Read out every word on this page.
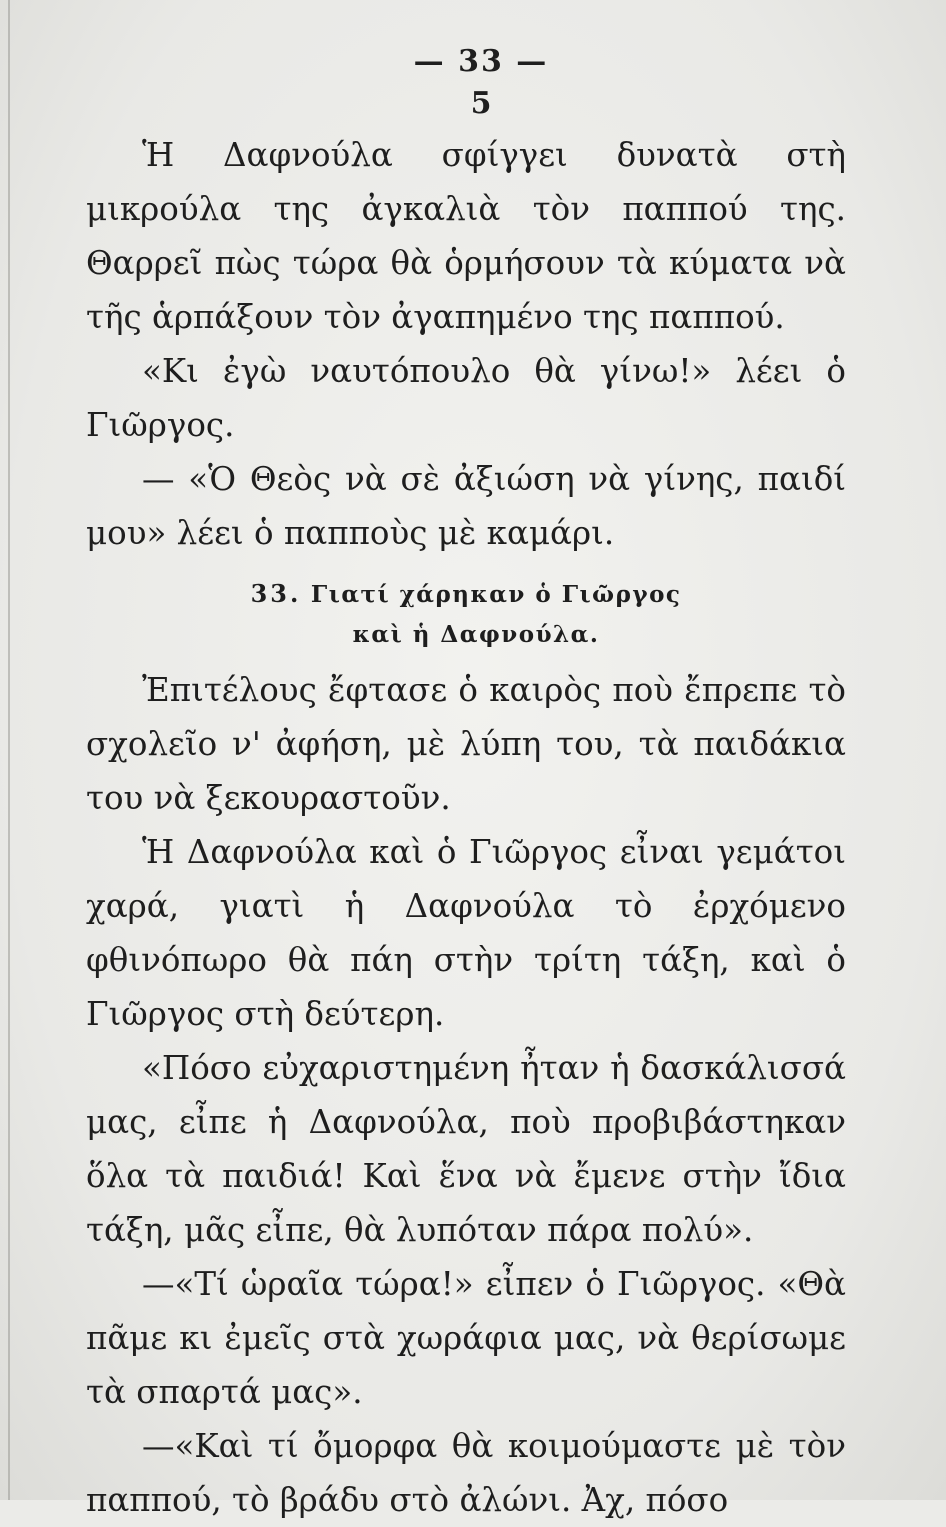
— 33 —
5

Ἡ Δαφνούλα σφίγγει δυνατὰ στὴ μικρούλα της ἀγκαλιὰ τὸν παππού της. Θαρρεῖ πὼς τώρα θὰ ὁρμήσουν τὰ κύματα νὰ τῆς ἁρπάξουν τὸν ἀγαπημένο της παππού.

«Κι ἐγὼ ναυτόπουλο θὰ γίνω!» λέει ὁ Γιῶργος.

— «Ὁ Θεὸς νὰ σὲ ἀξιώση νὰ γίνης, παιδί μου» λέει ὁ παπποὺς μὲ καμάρι.

33. Γιατί χάρηκαν ὁ Γιῶργος
καὶ ἡ Δαφνούλα.

Ἐπιτέλους ἔφτασε ὁ καιρὸς ποὺ ἔπρεπε τὸ σχολεῖο ν' ἀφήση, μὲ λύπη του, τὰ παιδάκια του νὰ ξεκουραστοῦν.

Ἡ Δαφνούλα καὶ ὁ Γιῶργος εἶναι γεμάτοι χαρά, γιατὶ ἡ Δαφνούλα τὸ ἐρχόμενο φθινόπωρο θὰ πάη στὴν τρίτη τάξη, καὶ ὁ Γιῶργος στὴ δεύτερη.

«Πόσο εὐχαριστημένη ἦταν ἡ δασκάλισσά μας, εἶπε ἡ Δαφνούλα, ποὺ προβιβάστηκαν ὅλα τὰ παιδιά! Καὶ ἕνα νὰ ἔμενε στὴν ἴδια τάξη, μᾶς εἶπε, θὰ λυπόταν πάρα πολύ».

—«Τί ὡραῖα τώρα!» εἶπεν ὁ Γιῶργος. «Θὰ πᾶμε κι ἐμεῖς στὰ χωράφια μας, νὰ θερίσωμε τὰ σπαρτά μας».

—«Καὶ τί ὄμορφα θὰ κοιμούμαστε μὲ τὸν παππού, τὸ βράδυ στὸ ἀλώνι. Ἀχ, πόσο
